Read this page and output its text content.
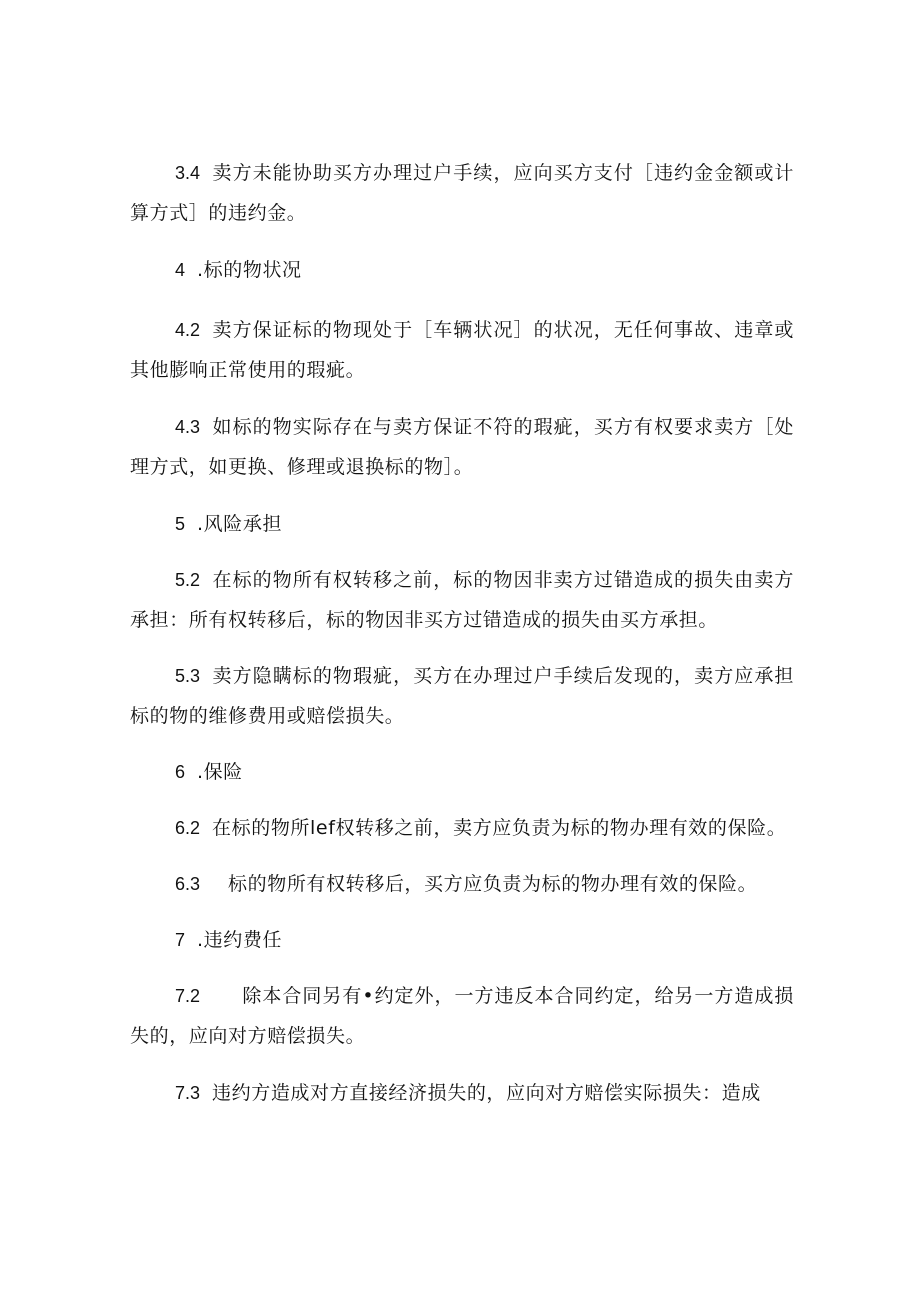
3.4 卖方未能协助买方办理过户手续，应向买方支付［违约金金额或计算方式］的违约金。

4 .标的物状况

4.2 卖方保证标的物现处于［车辆状况］的状况，无任何事故、违章或其他膨响正常使用的瑕疵。

4.3 如标的物实际存在与卖方保证不符的瑕疵，买方有权要求卖方［处理方式，如更换、修理或退换标的物］。

5 .风险承担

5.2 在标的物所有权转移之前，标的物因非卖方过错造成的损失由卖方承担：所有权转移后，标的物因非买方过错造成的损失由买方承担。

5.3 卖方隐瞒标的物瑕疵，买方在办理过户手续后发现的，卖方应承担标的物的维修费用或赔偿损失。

6 .保险

6.2 在标的物所lef权转移之前，卖方应负责为标的物办理有效的保险。

6.3 标的物所有权转移后，买方应负责为标的物办理有效的保险。

7 .违约费任

7.2 除本合同另有•约定外，一方违反本合同约定，给另一方造成损失的，应向对方赔偿损失。

7.3 违约方造成对方直接经济损失的，应向对方赔偿实际损失：造成
